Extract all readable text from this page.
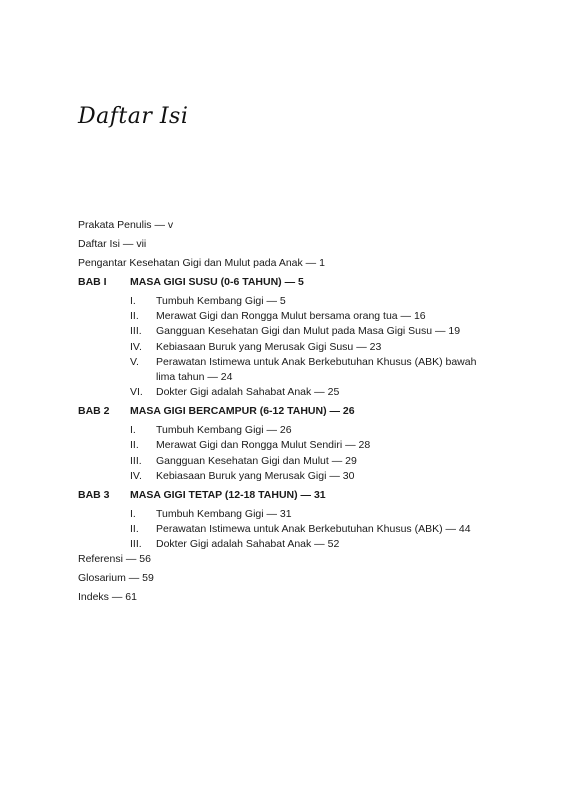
Daftar Isi
Prakata Penulis — v
Daftar Isi — vii
Pengantar Kesehatan Gigi dan Mulut pada Anak — 1
BAB I MASA GIGI SUSU (0-6 TAHUN) — 5
I. Tumbuh Kembang Gigi — 5
II. Merawat Gigi dan Rongga Mulut bersama orang tua — 16
III. Gangguan Kesehatan Gigi dan Mulut pada Masa Gigi Susu — 19
IV. Kebiasaan Buruk yang Merusak Gigi Susu — 23
V. Perawatan Istimewa untuk Anak Berkebutuhan Khusus (ABK) bawah
lima tahun — 24
VI. Dokter Gigi adalah Sahabat Anak — 25
BAB 2 MASA GIGI BERCAMPUR (6-12 TAHUN) — 26
I. Tumbuh Kembang Gigi — 26
II. Merawat Gigi dan Rongga Mulut Sendiri — 28
III. Gangguan Kesehatan Gigi dan Mulut — 29
IV. Kebiasaan Buruk yang Merusak Gigi — 30
BAB 3 MASA GIGI TETAP (12-18 TAHUN) — 31
I. Tumbuh Kembang Gigi — 31
II. Perawatan Istimewa untuk Anak Berkebutuhan Khusus (ABK) — 44
III. Dokter Gigi adalah Sahabat Anak — 52
Referensi — 56
Glosarium — 59
Indeks — 61
